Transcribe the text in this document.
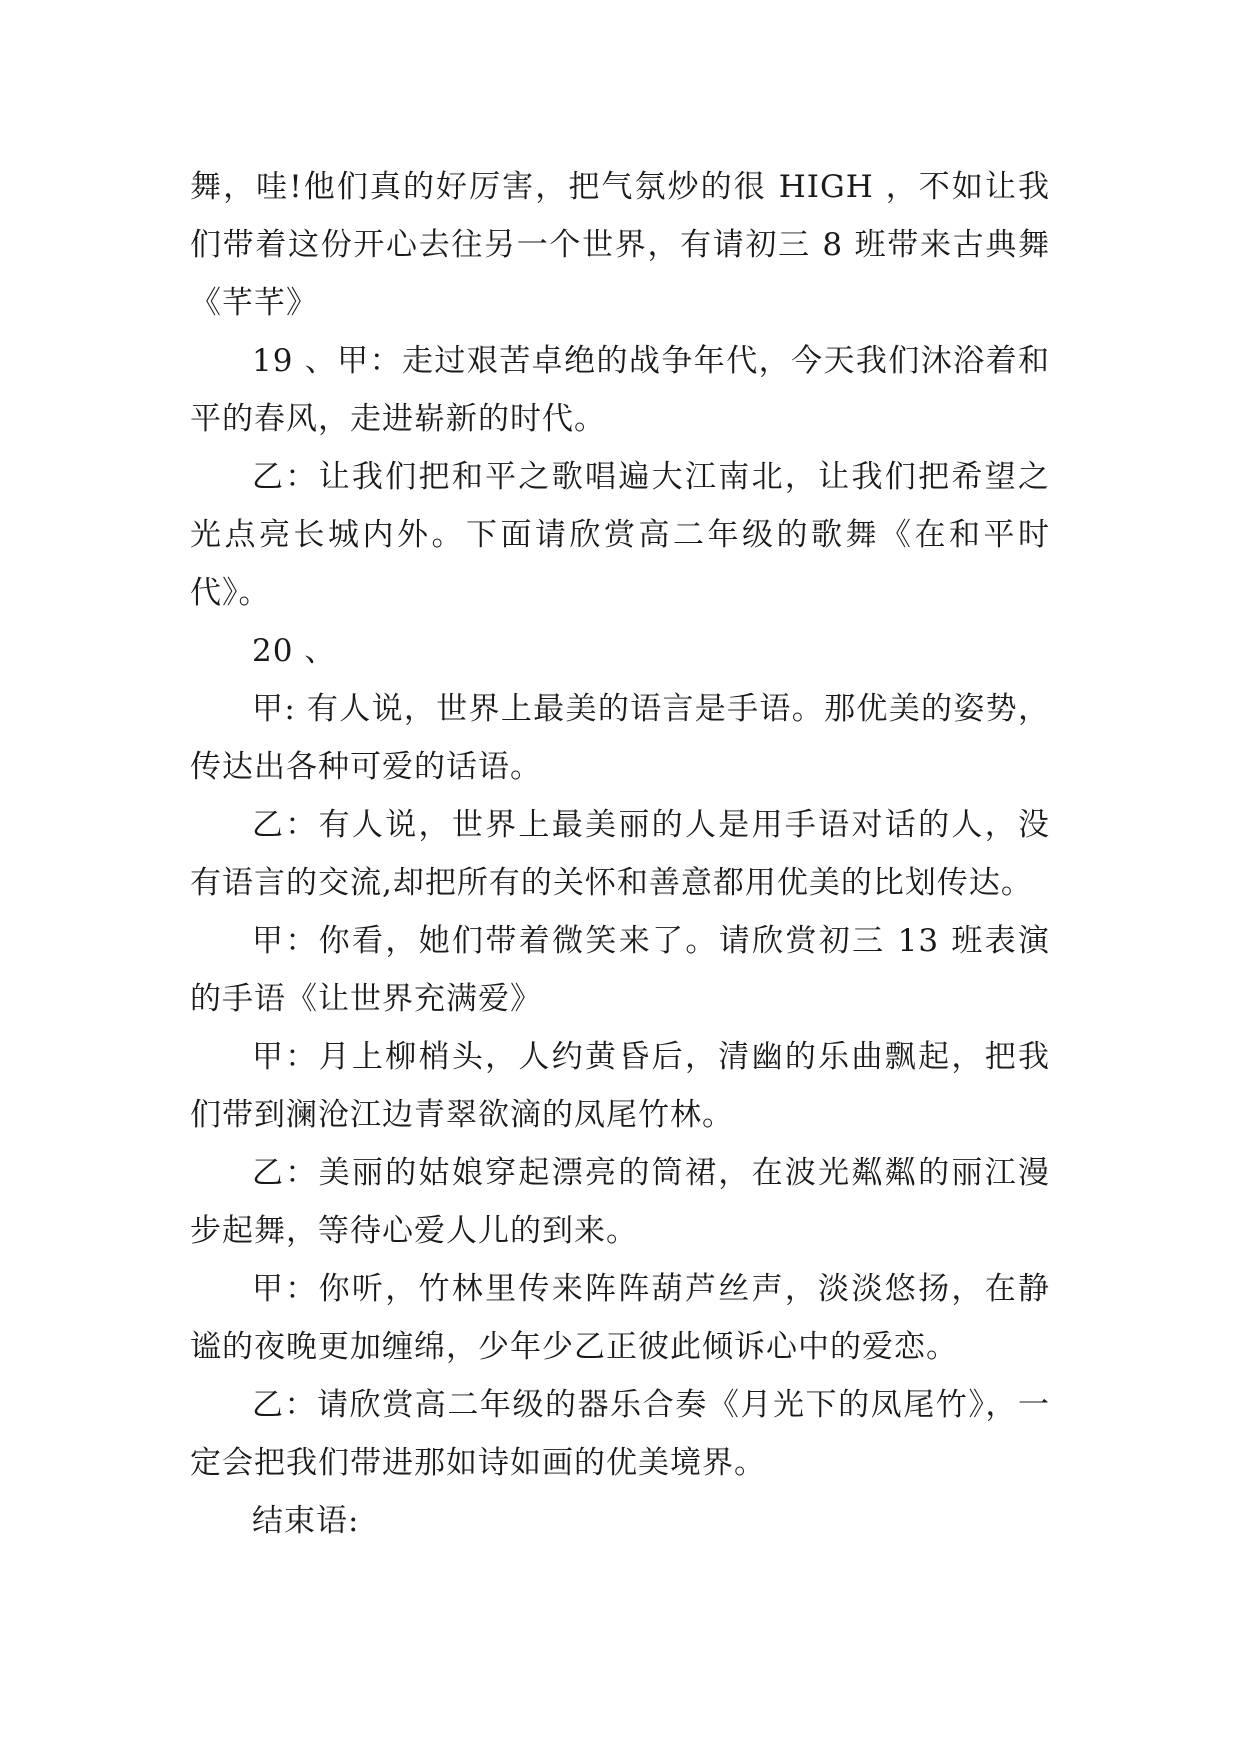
舞，哇!他们真的好厉害，把气氛炒的很 HIGH ，不如让我们带着这份开心去往另一个世界，有请初三 8 班带来古典舞《芊芊》

19 、甲：走过艰苦卓绝的战争年代，今天我们沐浴着和平的春风，走进崭新的时代。

乙：让我们把和平之歌唱遍大江南北，让我们把希望之光点亮长城内外。下面请欣赏高二年级的歌舞《在和平时代》。

20 、

甲: 有人说，世界上最美的语言是手语。那优美的姿势，传达出各种可爱的话语。

乙：有人说，世界上最美丽的人是用手语对话的人，没有语言的交流,却把所有的关怀和善意都用优美的比划传达。

甲：你看，她们带着微笑来了。请欣赏初三 13 班表演的手语《让世界充满爱》

甲：月上柳梢头，人约黄昏后，清幽的乐曲飘起，把我们带到澜沧江边青翠欲滴的凤尾竹林。

乙：美丽的姑娘穿起漂亮的筒裙，在波光粼粼的丽江漫步起舞，等待心爱人儿的到来。

甲：你听，竹林里传来阵阵葫芦丝声，淡淡悠扬，在静谧的夜晚更加缠绵，少年少乙正彼此倾诉心中的爱恋。

乙：请欣赏高二年级的器乐合奏《月光下的凤尾竹》，一定会把我们带进那如诗如画的优美境界。

结束语:
